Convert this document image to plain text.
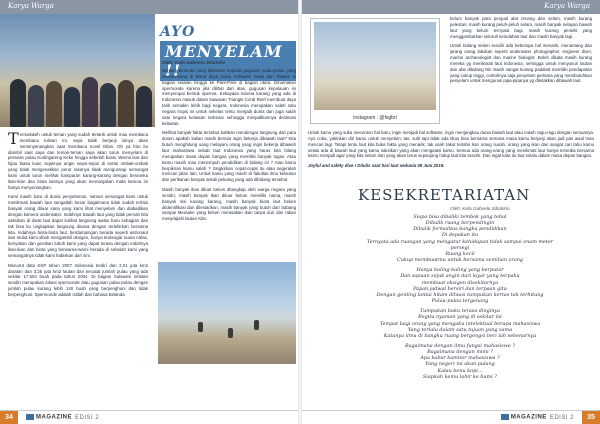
Karya Warga
AYO
MENYELAM !!
Oleh: Kefa Gabriela Sihaloho

Termakasih untuk teman yang sudah tertarik untuk mau membaca membaca tulisan ini, saya tidak berjanji isinya akan semenyenangkan saat membaca novel Dilan. Oh ya foto itu diambil saat saya dan teman-teman saya akan turun menyelam di perairan pulau Kodingareng Keke hingga sebelah barat. Warna laut dan hijau biasa kuat, sejuknya angin sepoi-sepoi di sertai ombak-ombak yang tidak mengenakkan perut rasanya tidak mengurangi semangat kami untuk turun melihat hamparan karang-karang dengan beraneka ikan-ikan dan biota lainnya yang akan memanjakan mata karena ini hanya menyenangkan.

Kami masih baru di dunia penyelaman, namun semangat kami untuk menikmati bawah laut sangatlah besar bagaimana tidak sudah terlalu banyak orang diluar sana yang kami lihat menyelam dan diabadikan dengan kamera underwater. Indahnya bawah laut yang tidak pernah kita saksikan di darat laut dapat kulihat langsung walau baru sebagian dan tak bisa ku ungkapkan langsung disana dengan terlahirkan bersama kita. Indahnya biota-biota laut, berdampingan berada seperti astronaut dan mulut kami sibuk mengambil oksigen, hanya terdengar suara nafas, benyakan dan gerakan tubuh kami yang dapat terasa dengan indahnya ikan-ikan dan biota yang berwarna-warni berada di sebelah kami yang semangatnya tidak kami habiskan dari sini.

Menurut data KKP tahun 2007 Indonesia terdiri dari 2,01 juta km2 daratan dan 3,25 juta km2 lautan dan tercatat jumlah pulau yang ada sekitar 17.504 buah pada tahun 2004. Di bagian Sulawesi selatan sendiri merupakan lokasi spermonde atau gugusan pulau-pulau dengan jumlah pulau kurang lebih 140 buah yang berpenghuni dan tidak berpenghuni. Spermonde adalah istilah dari bahasa Belanda

Bahasa Belanda yang diberikan kepada gugusan pulau-pulau yang membentang di Barat daya pulau Sulawesi mulai dari Takalar di bagian selatan hingga ke Pare-Pare di bagian utara. Dinamakan spermonde karena jika dilihat dari atas, gugusan kepulauan ini menyerupai bentuk sperma. Kekayaan karena karang yang ada di Indonesia masuk dalam kawasan Triangle Coral Reef membuat daya tarik semakin lebih bagi negara, Indonesia merupakan salah satu negara tropis ini untuk sekelas tentu menjadi dunia dan juga salah satu negara kelautan terbesar sehingga menjadikannya destinasi kelautan.

Melihat banyak fakta tersebut bahkan mendengar langsung dari para dosen apakah kalian masih berniat ingin bekerja dibawah laut? Kita butuh menghitung uang melayani orang yang ingin bekerja dibawah laut mahasiswa sebab laut Indonesia yang harus kita bilang merupakan masa depan bangsa yang memiliki banyak tugas. Atau kamu masih mau menempuh pendidikan di bidang ini ? Atau kamu berpikiran kamu salah ? Singkirkan cepat-cepat itu atau segeralah mencari jalan lain. Untuk kamu yang masih di fakultas ilmu kelautan dan perikanan banyak sekali peluang yang ada dibidang tersebut.

Masih banyak ikan diluar belum ditangkap oleh warga negara yang sendiri, masih banyak ikan diluar belum memiliki nama, masih banyak sisi karang karang, masih banyak biota laut belum diidentifikasi dan dilestarikan, masih banyak yang butuh dari Sabang sampai Merauke yang belum merasakan ikan tanpa duri dan rakan menjelajahi lautan Kita.

34	MAGAZINE EDISI 2
Karya Warga
instagram : @fsgbrl

belum banyak para penjual alat renang dan selam, masih kurang pelestari, masih kurang peluh-peluh selam, masih banyak nelayan bawah laut yang belum ternyata bagi, masih kurang peneliti yang menggambarkan seluruh keindahan laut dan masih banyak lagi.

Untuk bidang selam sendiri ada beberapa hal menarik, menantang dan jarang orang lakukan seperti underwater photographer, engineer diver, marine archaeologist dan marine biologist. Boleh dikata masih kurang mereka yg menikmati laut Indonesia, sehingga untuk menyusuri lautan dan alat dibidang tsb masih sangat kurang padahal memiliki pendapatan yang cukup tinggi, contohnya saja penyelam pertama yang membutuhkan penyelam untuk mengurusi pipa-pipanya yg diletakkan dibawah laut.

Untuk kamu yang suka menonton hal baru, ingin menjadi hal software, ingin menjangkau dunia bawah laut atau masih ragu-ragu dengan semuanya. Ayo coba, yakinkan diri kamu untuk menyelam, tas, sulit tapi tidak ada tikus bisa bersama semasa masa kamu berjanji akan jadi pas awal mau mencari lagi. Tetapi tentu laut kita buka fakta yang menarik, tak usah takut terlahir kan orang susah, orang yang ikan dan sangat cari tahu kamu selalu ada di bawah laut yang kamu saksikan yang akan mengatasi kamu. Semua ada orang-orang yang menikmati laut hanya tersedia bersama kamu menjadi agar yang kita selam dan yang akan terus sepanjang hidup laut kita sendiri. Dan ingat kata itu laut selalu dalam masa depan bangsa.

Joyful and safety dive ! Ditulis saat hari laut sedunia 08 Juni 2019.

KESEKRETARIATAN
Oleh: Kefa Gabriela Sihaloho
Siapa bisa dibaliki tembok yang tebal
Dibalik ruang berpendingin
Dibalik formalitas bangku pendidikan
Di depakan itu
Ternyata ada ruangan yang mengatur kehidupan tidak sampai enam meter persegi
Ruang kecil
Cukup membuatmu untuk bersama semilian orang
Hanya baling-baling yang berputar
Dan sapuan sejuk angin dari layar yang terpaku
membuat oksigen disekitarnya
Papan jadwal bersiri dan terpaan gitu
Dengan genting lantai hitam dihiasi tumpukan kertas tak terhitung
Pulau-pulau tergenang
Tumpukan buku terasa dinginya
Begitu nyaman yang di sekitar ini
Tempat bagi orang yang mengaku intelektual berapa mahasiswa
Yang terlalu dalam satu tujuan yang sama
Katanya ilmu di bangku ruang bergengsi beri lah sebenarnya
Bagaimana dengan ilmu fungsi mahasiswa ?
Bagaimana dengan mimi ?
Apa kabar kamitor mahasiswa ?
Yang negeri ini akan pulang
Kalau benu kopi...
Siapkah kemu lahir ke bumi ?
MAGAZINE EDISI 2	35
